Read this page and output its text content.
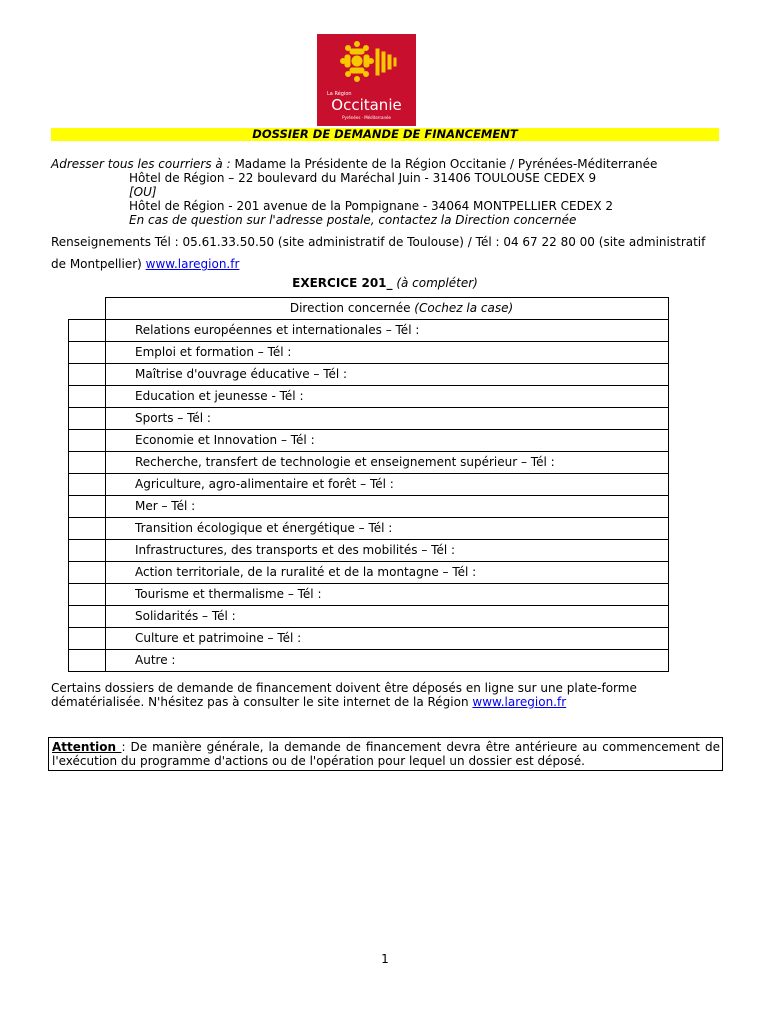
La Région
Occitanie
Pyrénées · Méditerranée
DOSSIER DE DEMANDE DE FINANCEMENT
Adresser tous les courriers à : Madame la Présidente de la Région Occitanie / Pyrénées-Méditerranée
Hôtel de Région – 22 boulevard du Maréchal Juin - 31406 TOULOUSE CEDEX 9
[OU]
Hôtel de Région - 201 avenue de la Pompignane - 34064 MONTPELLIER CEDEX 2
En cas de question sur l'adresse postale, contactez la Direction concernée
Renseignements Tél : 05.61.33.50.50 (site administratif de Toulouse) / Tél : 04 67 22 80 00 (site administratif de Montpellier) www.laregion.fr
EXERCICE 201_ (à compléter)
	Direction concernée (Cochez la case)
	Relations européennes et internationales – Tél :
	Emploi et formation – Tél :
	Maîtrise d'ouvrage éducative – Tél :
	Education et jeunesse - Tél :
	Sports – Tél :
	Economie et Innovation – Tél :
	Recherche, transfert de technologie et enseignement supérieur – Tél :
	Agriculture, agro-alimentaire et forêt – Tél :
	Mer – Tél :
	Transition écologique et énergétique – Tél :
	Infrastructures, des transports et des mobilités – Tél :
	Action territoriale, de la ruralité et de la montagne – Tél :
	Tourisme et thermalisme – Tél :
	Solidarités – Tél :
	Culture et patrimoine – Tél :
	Autre :
Certains dossiers de demande de financement doivent être déposés en ligne sur une plate-forme dématérialisée. N'hésitez pas à consulter le site internet de la Région www.laregion.fr
Attention : De manière générale, la demande de financement devra être antérieure au commencement de l'exécution du programme d'actions ou de l'opération pour lequel un dossier est déposé.
1
